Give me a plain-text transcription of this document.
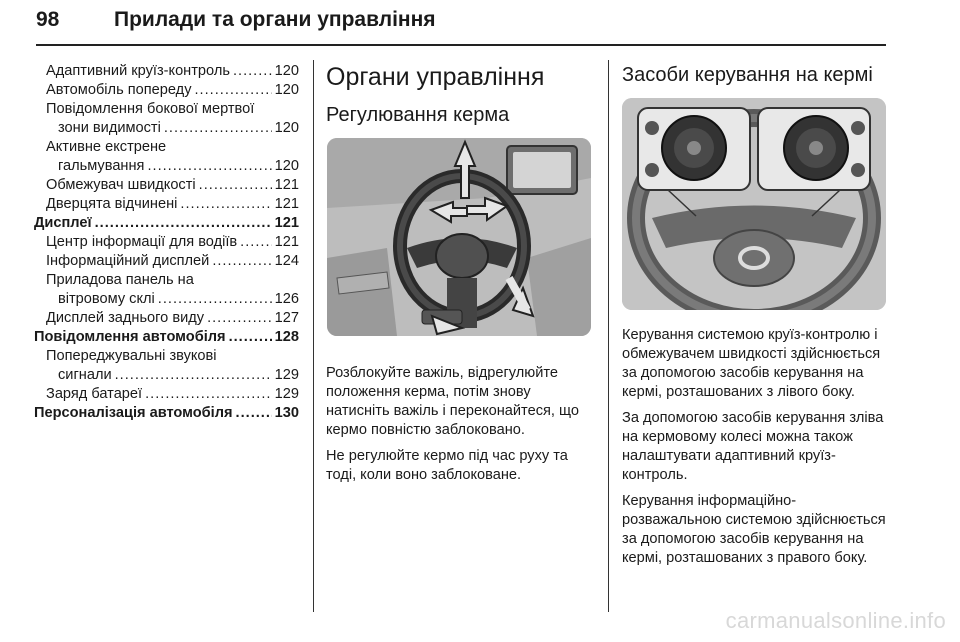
98	Прилади та органи управління
Адаптивний круїз-контроль .....	120
Автомобіль попереду .....	120
Повідомлення бокової мертвої
зони видимості .....	120
Активне екстрене
гальмування .....	120
Обмежувач швидкості .....	121
Дверцята відчинені .....	121
Дисплеї .....	121
Центр інформації для водіїв .....	121
Інформаційний дисплей .....	124
Приладова панель на
вітровому склі .....	126
Дисплей заднього виду .....	127
Повідомлення автомобіля .....	128
Попереджувальні звукові
сигнали .....	129
Заряд батареї .....	129
Персоналізація автомобіля .....	130
Органи управління
Регулювання керма

Розблокуйте важіль, відрегулюйте положення керма, потім знову натисніть важіль і переконайтеся, що кермо повністю заблоковано.

Не регулюйте кермо під час руху та тоді, коли воно заблоковане.

Засоби керування на кермі

Керування системою круїз-контролю і обмежувачем швидкості здійснюється за допомогою засобів керування на кермі, розташованих з лівого боку.

За допомогою засобів керування зліва на кермовому колесі можна також налаштувати адаптивний круїз-контроль.

Керування інформаційно-розважальною системою здійснюється за допомогою засобів керування на кермі, розташованих з правого боку.

carmanualsonline.info
